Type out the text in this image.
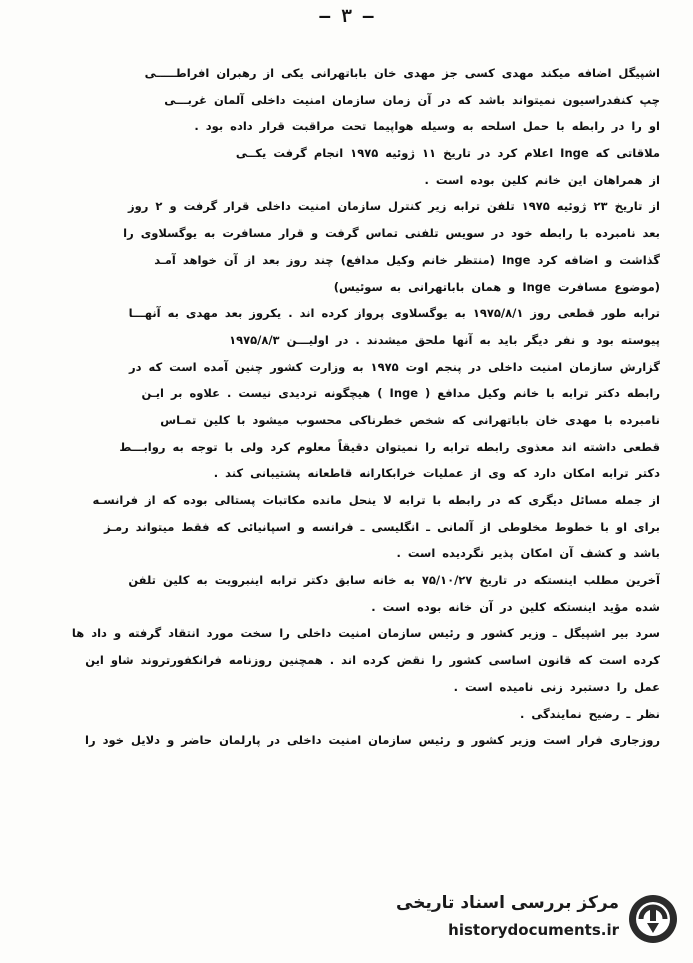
— ٣ —
اشپیگل اضافه میکند مهدی کسی جز مهدی خان باباتهرانی یکی از رهبران افراطـــــی
چپ کنفدراسیون نمیتواند باشد که در آن زمان سازمان امنیت داخلی آلمان غربـــی
او را در رابطه با حمل اسلحه به وسیله هواپیما تحت مراقبت قرار داده بود .
ملاقاتی که Inge اعلام کرد در تاریخ ۱۱ ژوئیه ۱۹۷۵ انجام گرفت یکــی
از همراهان این خانم کلین بوده است .
از تاریخ ۲۳ ژوئیه ۱۹۷۵ تلفن ترابه زیر کنترل سازمان امنیت داخلی قرار گرفت و ۲ روز
بعد نامبرده با رابطه خود در سویس تلفنی تماس گرفت و قرار مسافرت به یوگسلاوی را
گذاشت و اضافه کرد Inge (منتظر خانم وکیل مدافع) چند روز بعد از آن خواهد آمـد
(موضوع مسافرت Inge و همان باباتهرانی به سوئیس)
ترابه طور قطعی روز ۱۹۷۵/۸/۱ به یوگسلاوی پرواز کرده اند . یکروز بعد مهدی به آنهـــا
پیوسته بود و نفر دیگر باید به آنها ملحق میشدند . در اولیـــن ۱۹۷۵/۸/۳
گزارش سازمان امنیت داخلی در پنجم اوت ۱۹۷۵ به وزارت کشور چنین آمده است که در
رابطه دکتر ترابه با خانم وکیل مدافع ( Inge ) هیچگونه تردیدی نیست . علاوه بر ایـن
نامبرده با مهدی خان باباتهرانی که شخص خطرناکی محسوب میشود با کلین تمـاس
قطعی داشته اند معذوی رابطه ترابه را نمیتوان دقیقاً معلوم کرد ولی با توجه به روابـــط
دکتر ترابه امکان دارد که وی از عملیات خرابکارانه قاطعانه پشتیبانی کند .
از جمله مسائل دیگری که در رابطه با ترابه لا ینحل مانده مکاتبات پستالی بوده که از فرانسـه
برای او با خطوط مخلوطی از آلمانی ـ انگلیسی ـ فرانسه و اسپانیائی که فقط میتواند رمـز
باشد و کشف آن امکان پذیر نگردیده است .
آخرین مطلب اینستکه در تاریخ ۷۵/۱۰/۲۷ به خانه سابق دکتر ترابه اینبرویت به کلین تلفن
شده مؤید اینستکه کلین در آن خانه بوده است .
سرد بیر اشپیگل ـ وزیر کشور و رئیس سازمان امنیت داخلی را سخت مورد انتقاد گرفته و داد ها
کرده است که قانون اساسی کشور را نقض کرده اند . همچنین روزنامه فرانکفورتروند شاو این
عمل را دستبرد زنی نامیده است .
نظر ـ رضیح نمایندگی .
روزجاری فرار است وزیر کشور و رئیس سازمان امنیت داخلی در پارلمان حاضر و دلایل خود را
مرکز بررسی اسناد تاریخی
historydocuments.ir
